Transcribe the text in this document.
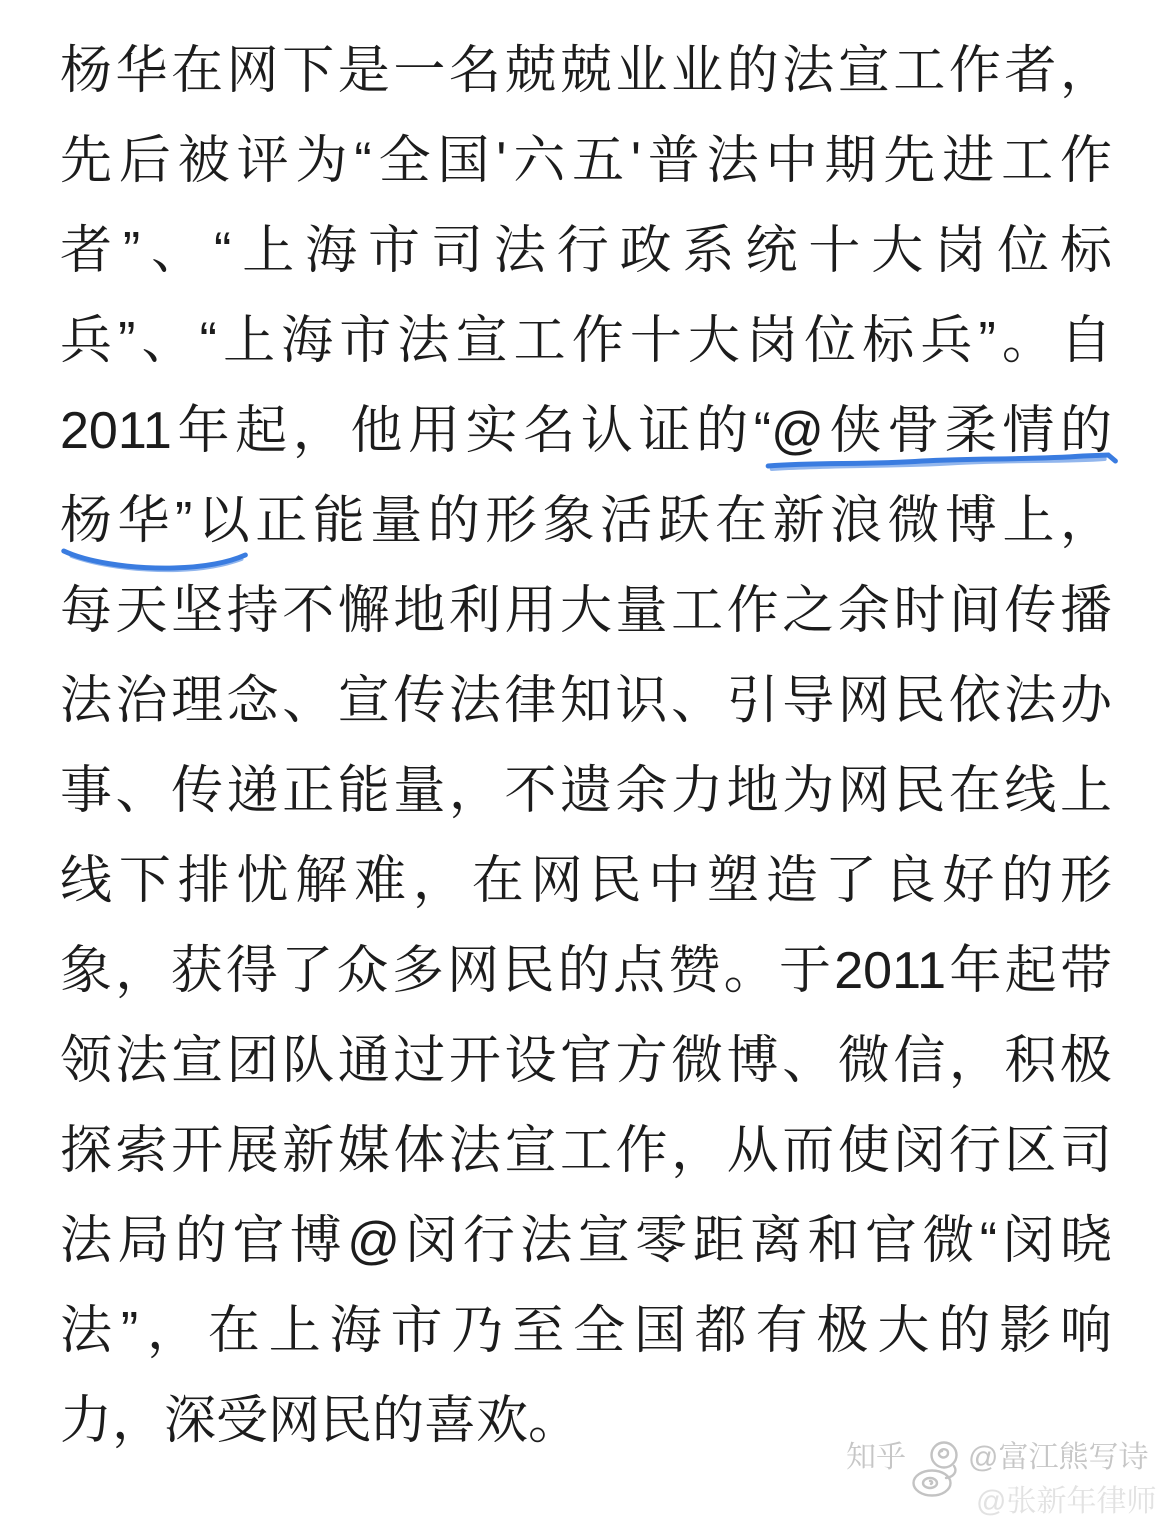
杨华在网下是一名兢兢业业的法宣工作者，
先后被评为“全国'六五'普法中期先进工作
者”、“上海市司法行政系统十大岗位标
兵”、“上海市法宣工作十大岗位标兵”。自
2011年起，他用实名认证的“@侠骨柔情的
杨华
”以正能量的形象活跃在新浪微博上，
每天坚持不懈地利用大量工作之余时间传播
法治理念、宣传法律知识、引导网民依法办
事、传递正能量，不遗余力地为网民在线上
线下排忧解难，在网民中塑造了良好的形
象，获得了众多网民的点赞。于2011年起带
领法宣团队通过开设官方微博、微信，积极
探索开展新媒体法宣工作，从而使闵行区司
法局的官博@闵行法宣零距离和官微“闵晓
法”，在上海市乃至全国都有极大的影响
力，深受网民的喜欢。
知乎 @富江熊写诗
@张新年律师
